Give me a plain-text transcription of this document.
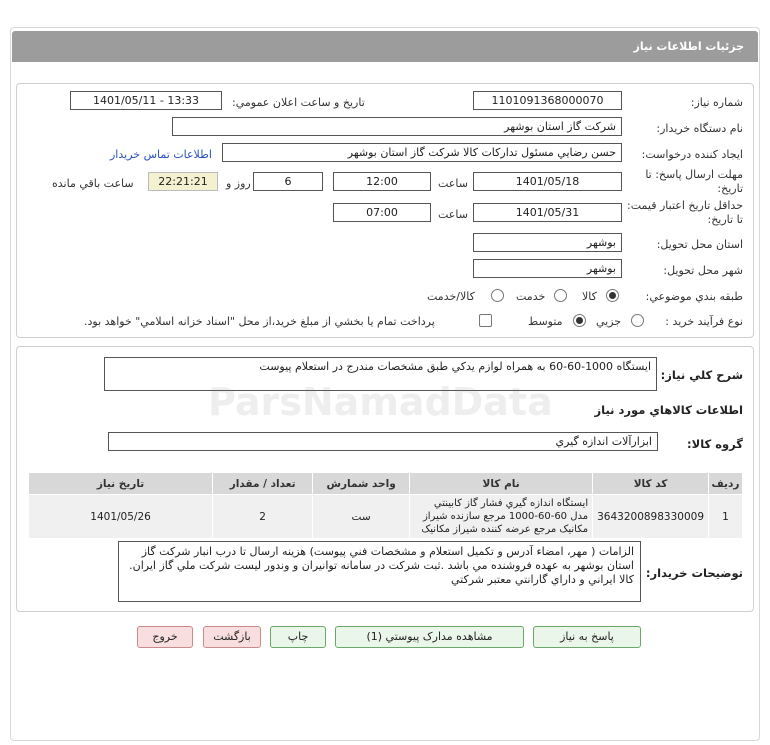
جزئيات اطلاعات نياز
شماره نياز:
1101091368000070
تاريخ و ساعت اعلان عمومي:
1401/05/11 - 13:33
نام دستگاه خريدار:
شرکت گاز استان بوشهر
ايجاد کننده درخواست:
حسن رضايي مسئول تدارکات کالا شرکت گاز استان بوشهر
اطلاعات تماس خريدار
مهلت ارسال پاسخ: تا تاريخ:
1401/05/18
ساعت
12:00
6
روز و
22:21:21
ساعت باقي مانده
حداقل تاريخ اعتبار قيمت: تا تاريخ:
1401/05/31
ساعت
07:00
استان محل تحويل:
بوشهر
شهر محل تحويل:
بوشهر
طبقه بندي موضوعي:
کالا
خدمت
کالا/خدمت
نوع فرآيند خريد :
جزيي
متوسط
پرداخت تمام يا بخشي از مبلغ خريد،از محل "اسناد خزانه اسلامي" خواهد بود.
شرح کلي نياز:
ايستگاه 1000-60-60 به همراه لوازم يدکي طبق مشخصات مندرج در استعلام پيوست
اطلاعات کالاهاي مورد نياز
گروه کالا:
ابزارآلات اندازه گيري
رديف	کد کالا	نام کالا	واحد شمارش	تعداد / مقدار	تاريخ نياز
1	3643200898330009	ايستگاه اندازه گيري فشار گاز کابينتي مدل 60-60-1000 مرجع سازنده شيراز مکانيک مرجع عرضه کننده شيراز مکانيک	ست	2	1401/05/26
توضيحات خريدار:
الزامات ( مهر، امضاء آدرس و تکميل استعلام و مشخصات فني پيوست) هزينه ارسال تا درب انبار شرکت گاز استان بوشهر به عهده فروشنده مي باشد .ثبت شرکت در سامانه توانيران و وندور ليست شرکت ملي گاز ايران. کالا ايراني و داراي گارانتي معتبر شرکتي
پاسخ به نياز
مشاهده مدارک پيوستي (1)
چاپ
بازگشت
خروج
